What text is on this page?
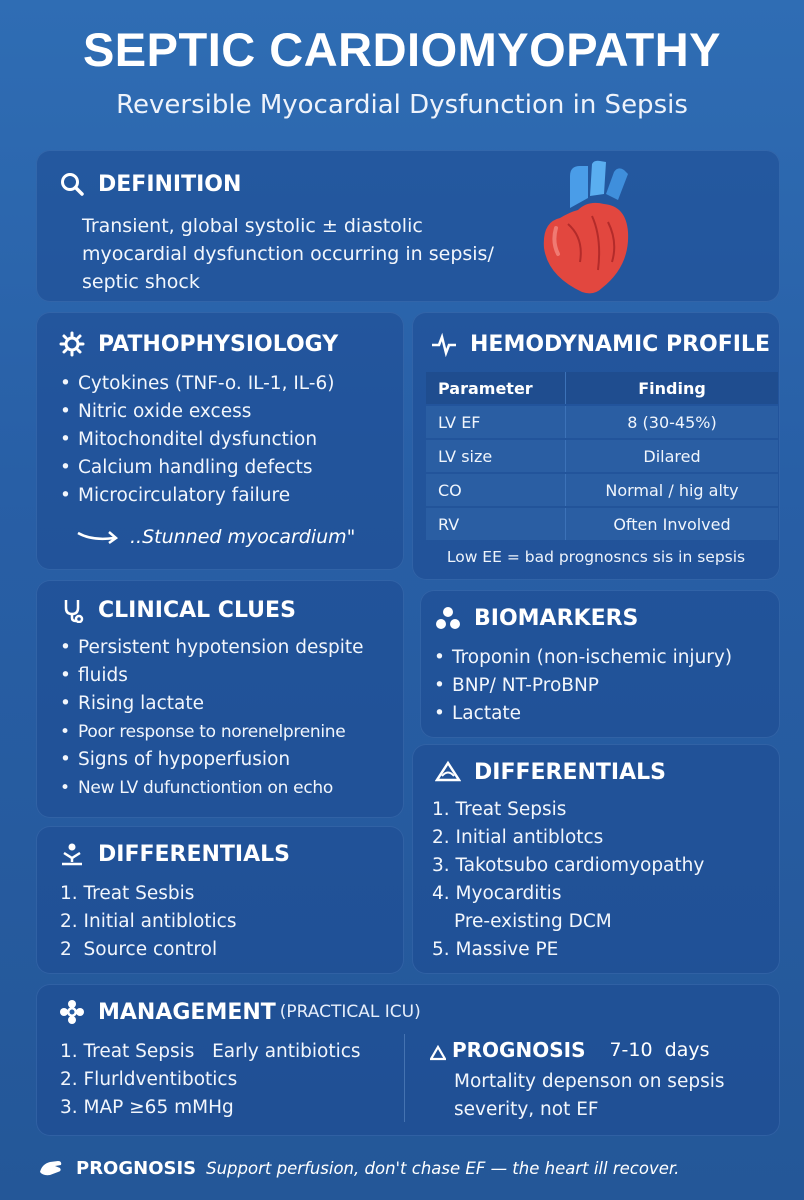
SEPTIC CARDIOMYOPATHY
Reversible Myocardial Dysfunction in Sepsis
DEFINITION
Transient, global systolic ± diastolic
myocardial dysfunction occurring in sepsis/
septic shock
PATHOPHYSIOLOGY
• Cytokines (TNF-o. IL-1, IL-6)
• Nitric oxide excess
• Mitochonditel dysfunction
• Calcium handling defects
• Microcirculatory failure
..Stunned myocardium"
HEMODYNAMIC PROFILE
Parameter	Finding
LV EF	8 (30-45%)
LV size	Dilared
CO	Normal / hig alty
RV	Often Involved
Low EE = bad prognosncs sis in sepsis
CLINICAL CLUES
• Persistent hypotension despite
• fluids
• Rising lactate
• Poor response to norenelprenine
• Signs of hypoperfusion
• New LV dufunctiontion on echo
BIOMARKERS
• Troponin (non-ischemic injury)
• BNP/ NT-ProBNP
• Lactate
DIFFERENTIALS
1. Treat Sepsis
2. Initial antiblotcs
3. Takotsubo cardiomyopathy
4. Myocarditis
Pre-existing DCM
5. Massive PE
DIFFERENTIALS
1. Treat Sesbis
2. Initial antiblotics
2  Source control
MANAGEMENT (PRACTICAL ICU)
1. Treat Sepsis   Early antibiotics
2. Flurldventibotics
3. MAP ≥65 mMHg
PROGNOSIS 7-10  days
Mortality depenson on sepsis
severity, not EF
PROGNOSIS Support perfusion, don't chase EF — the heart ill recover.
